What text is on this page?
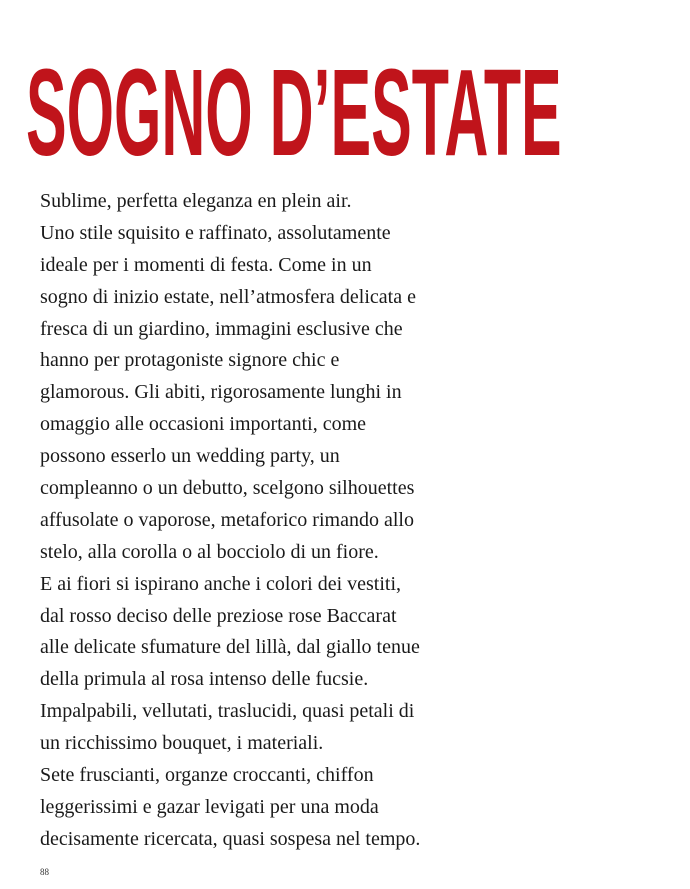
SOGNO D’ESTATE
Sublime, perfetta eleganza en plein air.
Uno stile squisito e raffinato, assolutamente
ideale per i momenti di festa. Come in un
sogno di inizio estate, nell’atmosfera delicata e
fresca di un giardino, immagini esclusive che
hanno per protagoniste signore chic e
glamorous. Gli abiti, rigorosamente lunghi in
omaggio alle occasioni importanti, come
possono esserlo un wedding party, un
compleanno o un debutto, scelgono silhouettes
affusolate o vaporose, metaforico rimando allo
stelo, alla corolla o al bocciolo di un fiore.
E ai fiori si ispirano anche i colori dei vestiti,
dal rosso deciso delle preziose rose Baccarat
alle delicate sfumature del lillà, dal giallo tenue
della primula al rosa intenso delle fucsie.
Impalpabili, vellutati, traslucidi, quasi petali di
un ricchissimo bouquet, i materiali.
Sete fruscianti, organze croccanti, chiffon
leggerissimi e gazar levigati per una moda
decisamente ricercata, quasi sospesa nel tempo.
88
